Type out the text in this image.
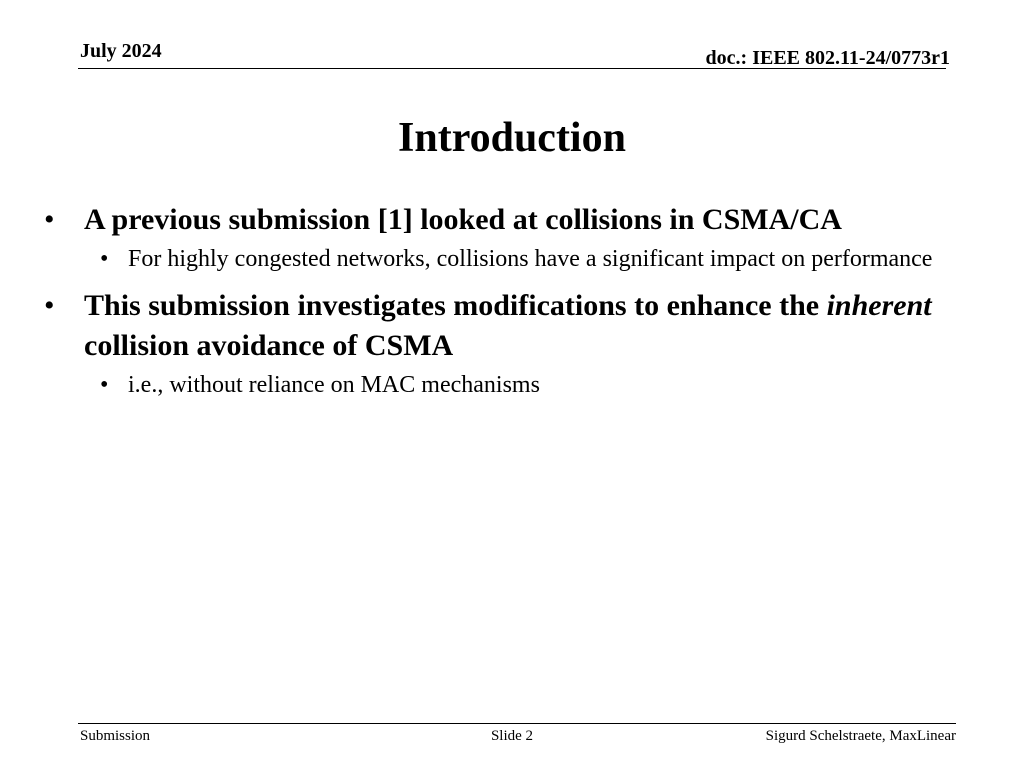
July 2024	doc.: IEEE 802.11-24/0773r1
Introduction
• A previous submission [1] looked at collisions in CSMA/CA
• For highly congested networks, collisions have a significant impact on performance
• This submission investigates modifications to enhance the inherent collision avoidance of CSMA
• i.e., without reliance on MAC mechanisms
Submission	Slide 2	Sigurd Schelstraete, MaxLinear
